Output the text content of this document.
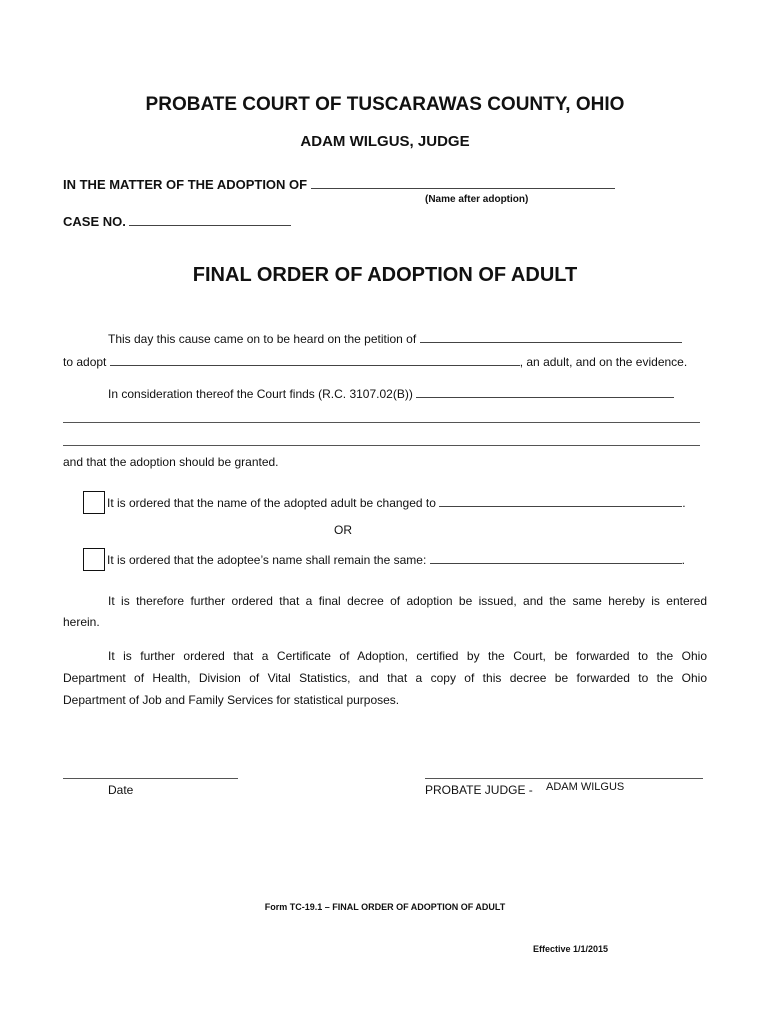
PROBATE COURT OF TUSCARAWAS COUNTY, OHIO
ADAM WILGUS, JUDGE
IN THE MATTER OF THE ADOPTION OF
(Name after adoption)
CASE NO.
FINAL ORDER OF ADOPTION OF ADULT
This day this cause came on to be heard on the petition of
to adopt	, an adult, and on the evidence.
In consideration thereof the Court finds (R.C. 3107.02(B))
and that the adoption should be granted.
It is ordered that the name of the adopted adult be changed to	.
OR
It is ordered that the adoptee’s name shall remain the same:	.
It is therefore further ordered that a final decree of adoption be issued, and the same hereby is entered
herein.
It is further ordered that a Certificate of Adoption, certified by the Court, be forwarded to the Ohio
Department of Health, Division of Vital Statistics, and that a copy of this decree be forwarded to the Ohio
Department of Job and Family Services for statistical purposes.
Date	PROBATE JUDGE - ADAM WILGUS
Form TC-19.1 – FINAL ORDER OF ADOPTION OF ADULT
Effective 1/1/2015
